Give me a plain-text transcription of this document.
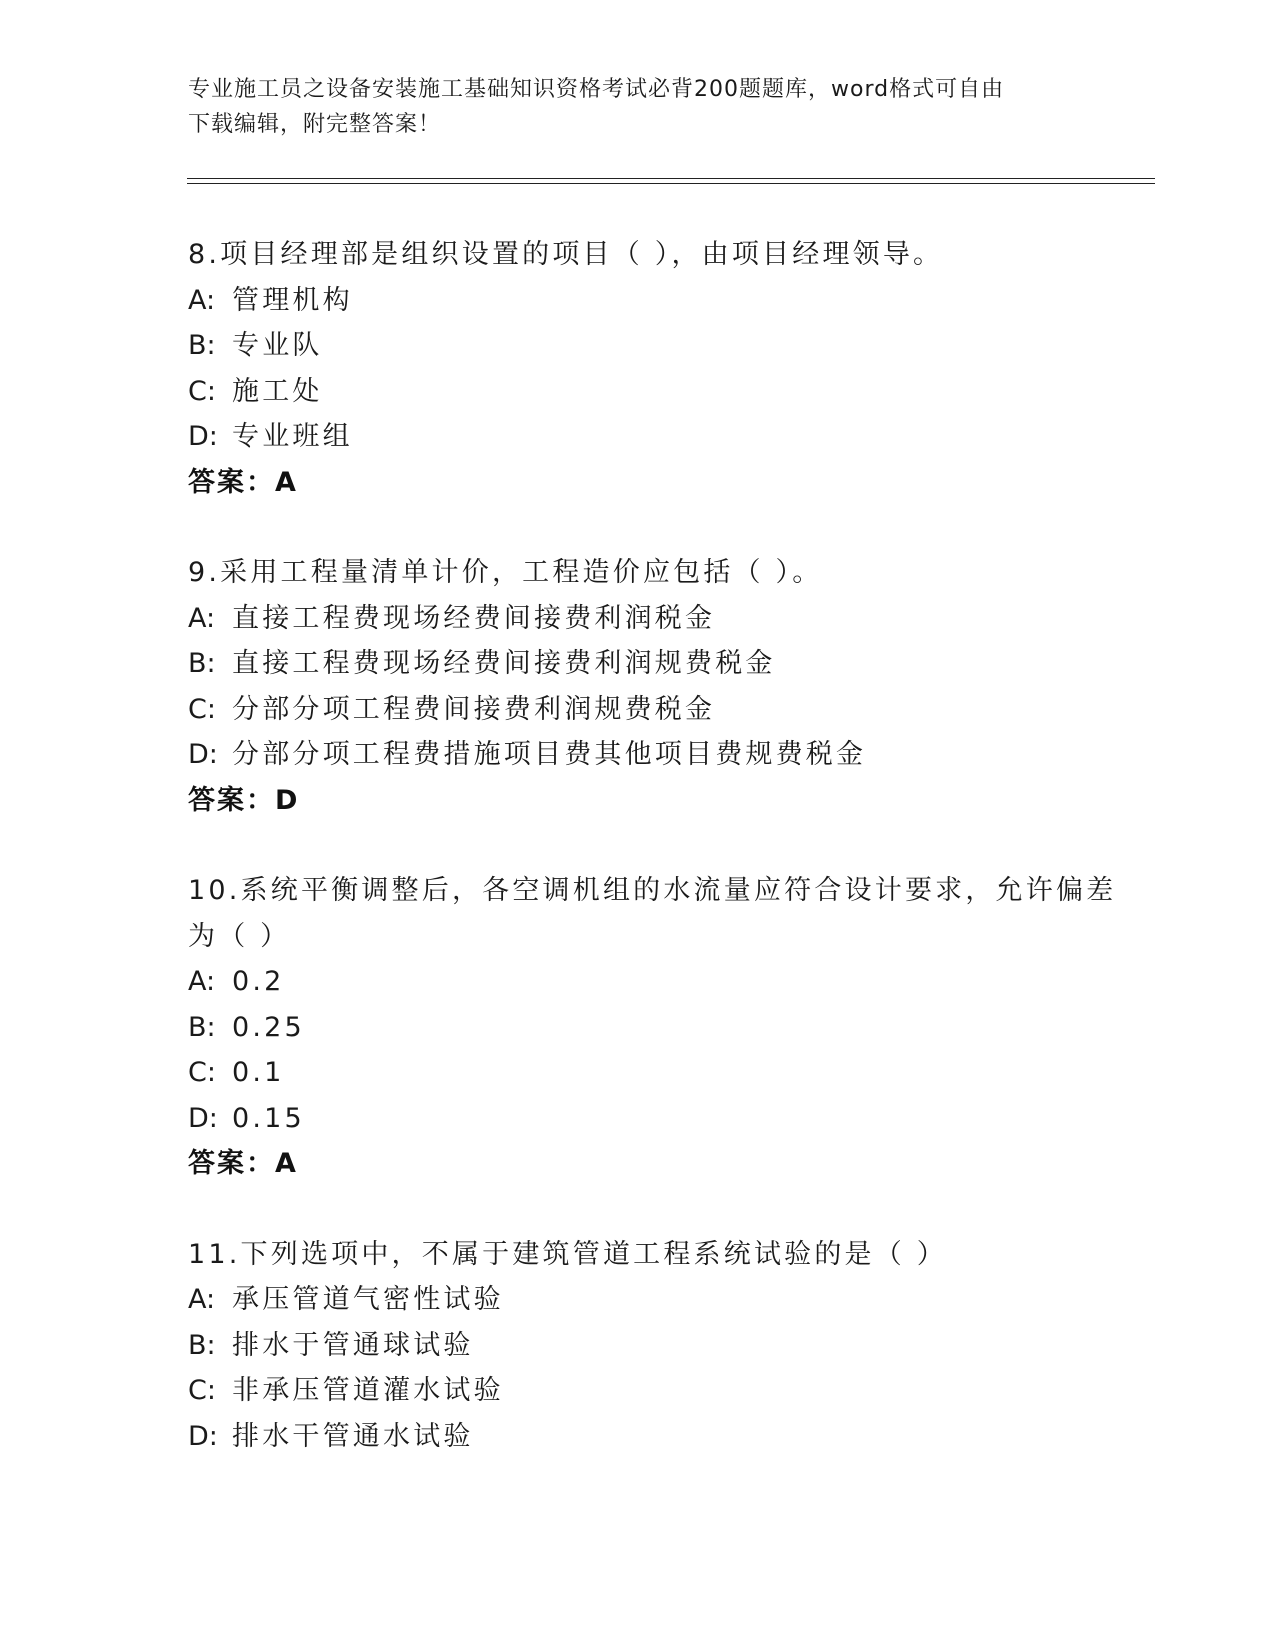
专业施工员之设备安装施工基础知识资格考试必背200题题库，word格式可自由
下载编辑，附完整答案！
8.项目经理部是组织设置的项目（ ），由项目经理领导。
A: 管理机构
B: 专业队
C: 施工处
D: 专业班组
答案：A
9.采用工程量清单计价，工程造价应包括（ ）。
A: 直接工程费现场经费间接费利润税金
B: 直接工程费现场经费间接费利润规费税金
C: 分部分项工程费间接费利润规费税金
D: 分部分项工程费措施项目费其他项目费规费税金
答案：D
10.系统平衡调整后，各空调机组的水流量应符合设计要求，允许偏差
为（ ）
A: 0.2
B: 0.25
C: 0.1
D: 0.15
答案：A
11.下列选项中，不属于建筑管道工程系统试验的是（ ）
A: 承压管道气密性试验
B: 排水于管通球试验
C: 非承压管道灌水试验
D: 排水干管通水试验
